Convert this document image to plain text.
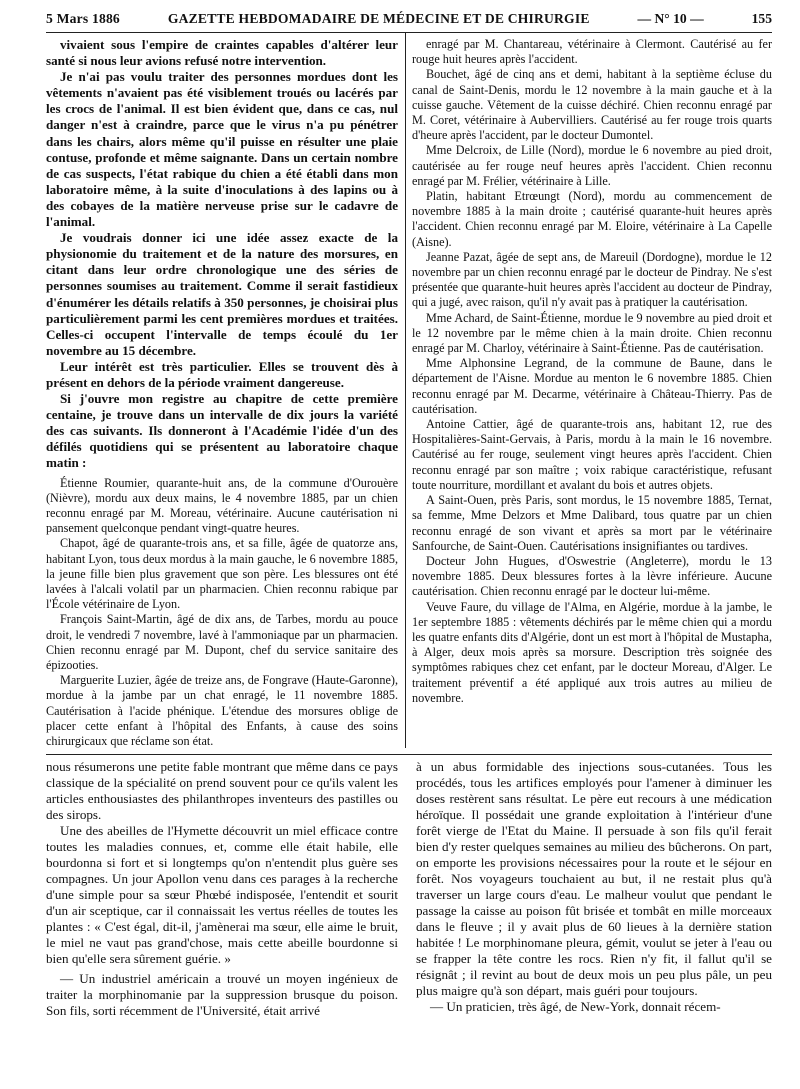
5 Mars 1886	GAZETTE HEBDOMADAIRE DE MÉDECINE ET DE CHIRURGIE	— N° 10 —	155

vivaient sous l'empire de craintes capables d'altérer leur santé si nous leur avions refusé notre intervention.

Je n'ai pas voulu traiter des personnes mordues dont les vêtements n'avaient pas été visiblement troués ou lacérés par les crocs de l'animal. Il est bien évident que, dans ce cas, nul danger n'est à craindre, parce que le virus n'a pu pénétrer dans les chairs, alors même qu'il puisse en résulter une plaie contuse, profonde et même saignante. Dans un certain nombre de cas suspects, l'état rabique du chien a été établi dans mon laboratoire même, à la suite d'inoculations à des lapins ou à des cobayes de la matière nerveuse prise sur le cadavre de l'animal.

Je voudrais donner ici une idée assez exacte de la physionomie du traitement et de la nature des morsures, en citant dans leur ordre chronologique une des séries de personnes soumises au traitement. Comme il serait fastidieux d'énumérer les détails relatifs à 350 personnes, je choisirai plus particulièrement parmi les cent premières mordues et traitées. Celles-ci occupent l'intervalle de temps écoulé du 1er novembre au 15 décembre.

Leur intérêt est très particulier. Elles se trouvent dès à présent en dehors de la période vraiment dangereuse.

Si j'ouvre mon registre au chapitre de cette première centaine, je trouve dans un intervalle de dix jours la variété des cas suivants. Ils donneront à l'Académie l'idée d'un des défilés quotidiens qui se présentent au laboratoire chaque matin :

Étienne Roumier, quarante-huit ans, de la commune d'Ourouère (Nièvre), mordu aux deux mains, le 4 novembre 1885, par un chien reconnu enragé par M. Moreau, vétérinaire. Aucune cautérisation ni pansement quelconque pendant vingt-quatre heures.

Chapot, âgé de quarante-trois ans, et sa fille, âgée de quatorze ans, habitant Lyon, tous deux mordus à la main gauche, le 6 novembre 1885, la jeune fille bien plus gravement que son père. Les blessures ont été lavées à l'alcali volatil par un pharmacien. Chien reconnu rabique par l'École vétérinaire de Lyon.

François Saint-Martin, âgé de dix ans, de Tarbes, mordu au pouce droit, le vendredi 7 novembre, lavé à l'ammoniaque par un pharmacien. Chien reconnu enragé par M. Dupont, chef du service sanitaire des épizooties.

Marguerite Luzier, âgée de treize ans, de Fongrave (Haute-Garonne), mordue à la jambe par un chat enragé, le 11 novembre 1885. Cautérisation à l'acide phénique. L'étendue des morsures oblige de placer cette enfant à l'hôpital des Enfants, à cause des soins chirurgicaux que réclame son état.

enragé par M. Chantareau, vétérinaire à Clermont. Cautérisé au fer rouge huit heures après l'accident.

Bouchet, âgé de cinq ans et demi, habitant à la septième écluse du canal de Saint-Denis, mordu le 12 novembre à la main gauche et à la cuisse gauche. Vêtement de la cuisse déchiré. Chien reconnu enragé par M. Coret, vétérinaire à Aubervilliers. Cautérisé au fer rouge trois quarts d'heure après l'accident, par le docteur Dumontel.

Mme Delcroix, de Lille (Nord), mordue le 6 novembre au pied droit, cautérisée au fer rouge neuf heures après l'accident. Chien reconnu enragé par M. Frélier, vétérinaire à Lille.

Platin, habitant Etrœungt (Nord), mordu au commencement de novembre 1885 à la main droite ; cautérisé quarante-huit heures après l'accident. Chien reconnu enragé par M. Eloire, vétérinaire à La Capelle (Aisne).

Jeanne Pazat, âgée de sept ans, de Mareuil (Dordogne), mordue le 12 novembre par un chien reconnu enragé par le docteur de Pindray. Ne s'est présentée que quarante-huit heures après l'accident au docteur de Pindray, qui a jugé, avec raison, qu'il n'y avait pas à pratiquer la cautérisation.

Mme Achard, de Saint-Étienne, mordue le 9 novembre au pied droit et le 12 novembre par le même chien à la main droite. Chien reconnu enragé par M. Charloy, vétérinaire à Saint-Étienne. Pas de cautérisation.

Mme Alphonsine Legrand, de la commune de Baune, dans le département de l'Aisne. Mordue au menton le 6 novembre 1885. Chien reconnu enragé par M. Decarme, vétérinaire à Château-Thierry. Pas de cautérisation.

Antoine Cattier, âgé de quarante-trois ans, habitant 12, rue des Hospitalières-Saint-Gervais, à Paris, mordu à la main le 16 novembre. Cautérisé au fer rouge, seulement vingt heures après l'accident. Chien reconnu enragé par son maître ; voix rabique caractéristique, refusant toute nourriture, mordillant et avalant du bois et autres objets.

A Saint-Ouen, près Paris, sont mordus, le 15 novembre 1885, Ternat, sa femme, Mme Delzors et Mme Dalibard, tous quatre par un chien reconnu enragé de son vivant et après sa mort par le vétérinaire Sanfourche, de Saint-Ouen. Cautérisations insignifiantes ou tardives.

Docteur John Hugues, d'Oswestrie (Angleterre), mordu le 13 novembre 1885. Deux blessures fortes à la lèvre inférieure. Aucune cautérisation. Chien reconnu enragé par le docteur lui-même.

Veuve Faure, du village de l'Alma, en Algérie, mordue à la jambe, le 1er septembre 1885 : vêtements déchirés par le même chien qui a mordu les quatre enfants dits d'Algérie, dont un est mort à l'hôpital de Mustapha, à Alger, deux mois après sa morsure. Description très soignée des symptômes rabiques chez cet enfant, par le docteur Moreau, d'Alger. Le traitement préventif a été appliqué aux trois autres au milieu de novembre.

nous résumerons une petite fable montrant que même dans ce pays classique de la spécialité on prend souvent pour ce qu'ils valent les articles enthousiastes des philanthropes inventeurs des pastilles ou des sirops.

Une des abeilles de l'Hymette découvrit un miel efficace contre toutes les maladies connues, et, comme elle était habile, elle bourdonna si fort et si longtemps qu'on n'entendit plus guère ses compagnes. Un jour Apollon venu dans ces parages à la recherche d'une simple pour sa sœur Phœbé indisposée, l'entendit et sourit d'un air sceptique, car il connaissait les vertus réelles de toutes les plantes : « C'est égal, dit-il, j'amènerai ma sœur, elle aime le bruit, le miel ne vaut pas grand'chose, mais cette abeille bourdonne si bien qu'elle sera sûrement guérie. »

— Un industriel américain a trouvé un moyen ingénieux de traiter la morphinomanie par la suppression brusque du poison. Son fils, sorti récemment de l'Université, était arrivé

à un abus formidable des injections sous-cutanées. Tous les procédés, tous les artifices employés pour l'amener à diminuer les doses restèrent sans résultat. Le père eut recours à une médication héroïque. Il possédait une grande exploitation à l'intérieur d'une forêt vierge de l'Etat du Maine. Il persuade à son fils qu'il ferait bien d'y rester quelques semaines au milieu des bûcherons. On part, on emporte les provisions nécessaires pour la route et le séjour en forêt. Nos voyageurs touchaient au but, il ne restait plus qu'à traverser un large cours d'eau. Le malheur voulut que pendant le passage la caisse au poison fût brisée et tombât en mille morceaux dans le fleuve ; il y avait plus de 60 lieues à la dernière station habitée ! Le morphinomane pleura, gémit, voulut se jeter à l'eau ou se frapper la tête contre les rocs. Rien n'y fit, il fallut qu'il se résignât ; il revint au bout de deux mois un peu plus pâle, un peu plus maigre qu'à son départ, mais guéri pour toujours.

— Un praticien, très âgé, de New-York, donnait récem-
